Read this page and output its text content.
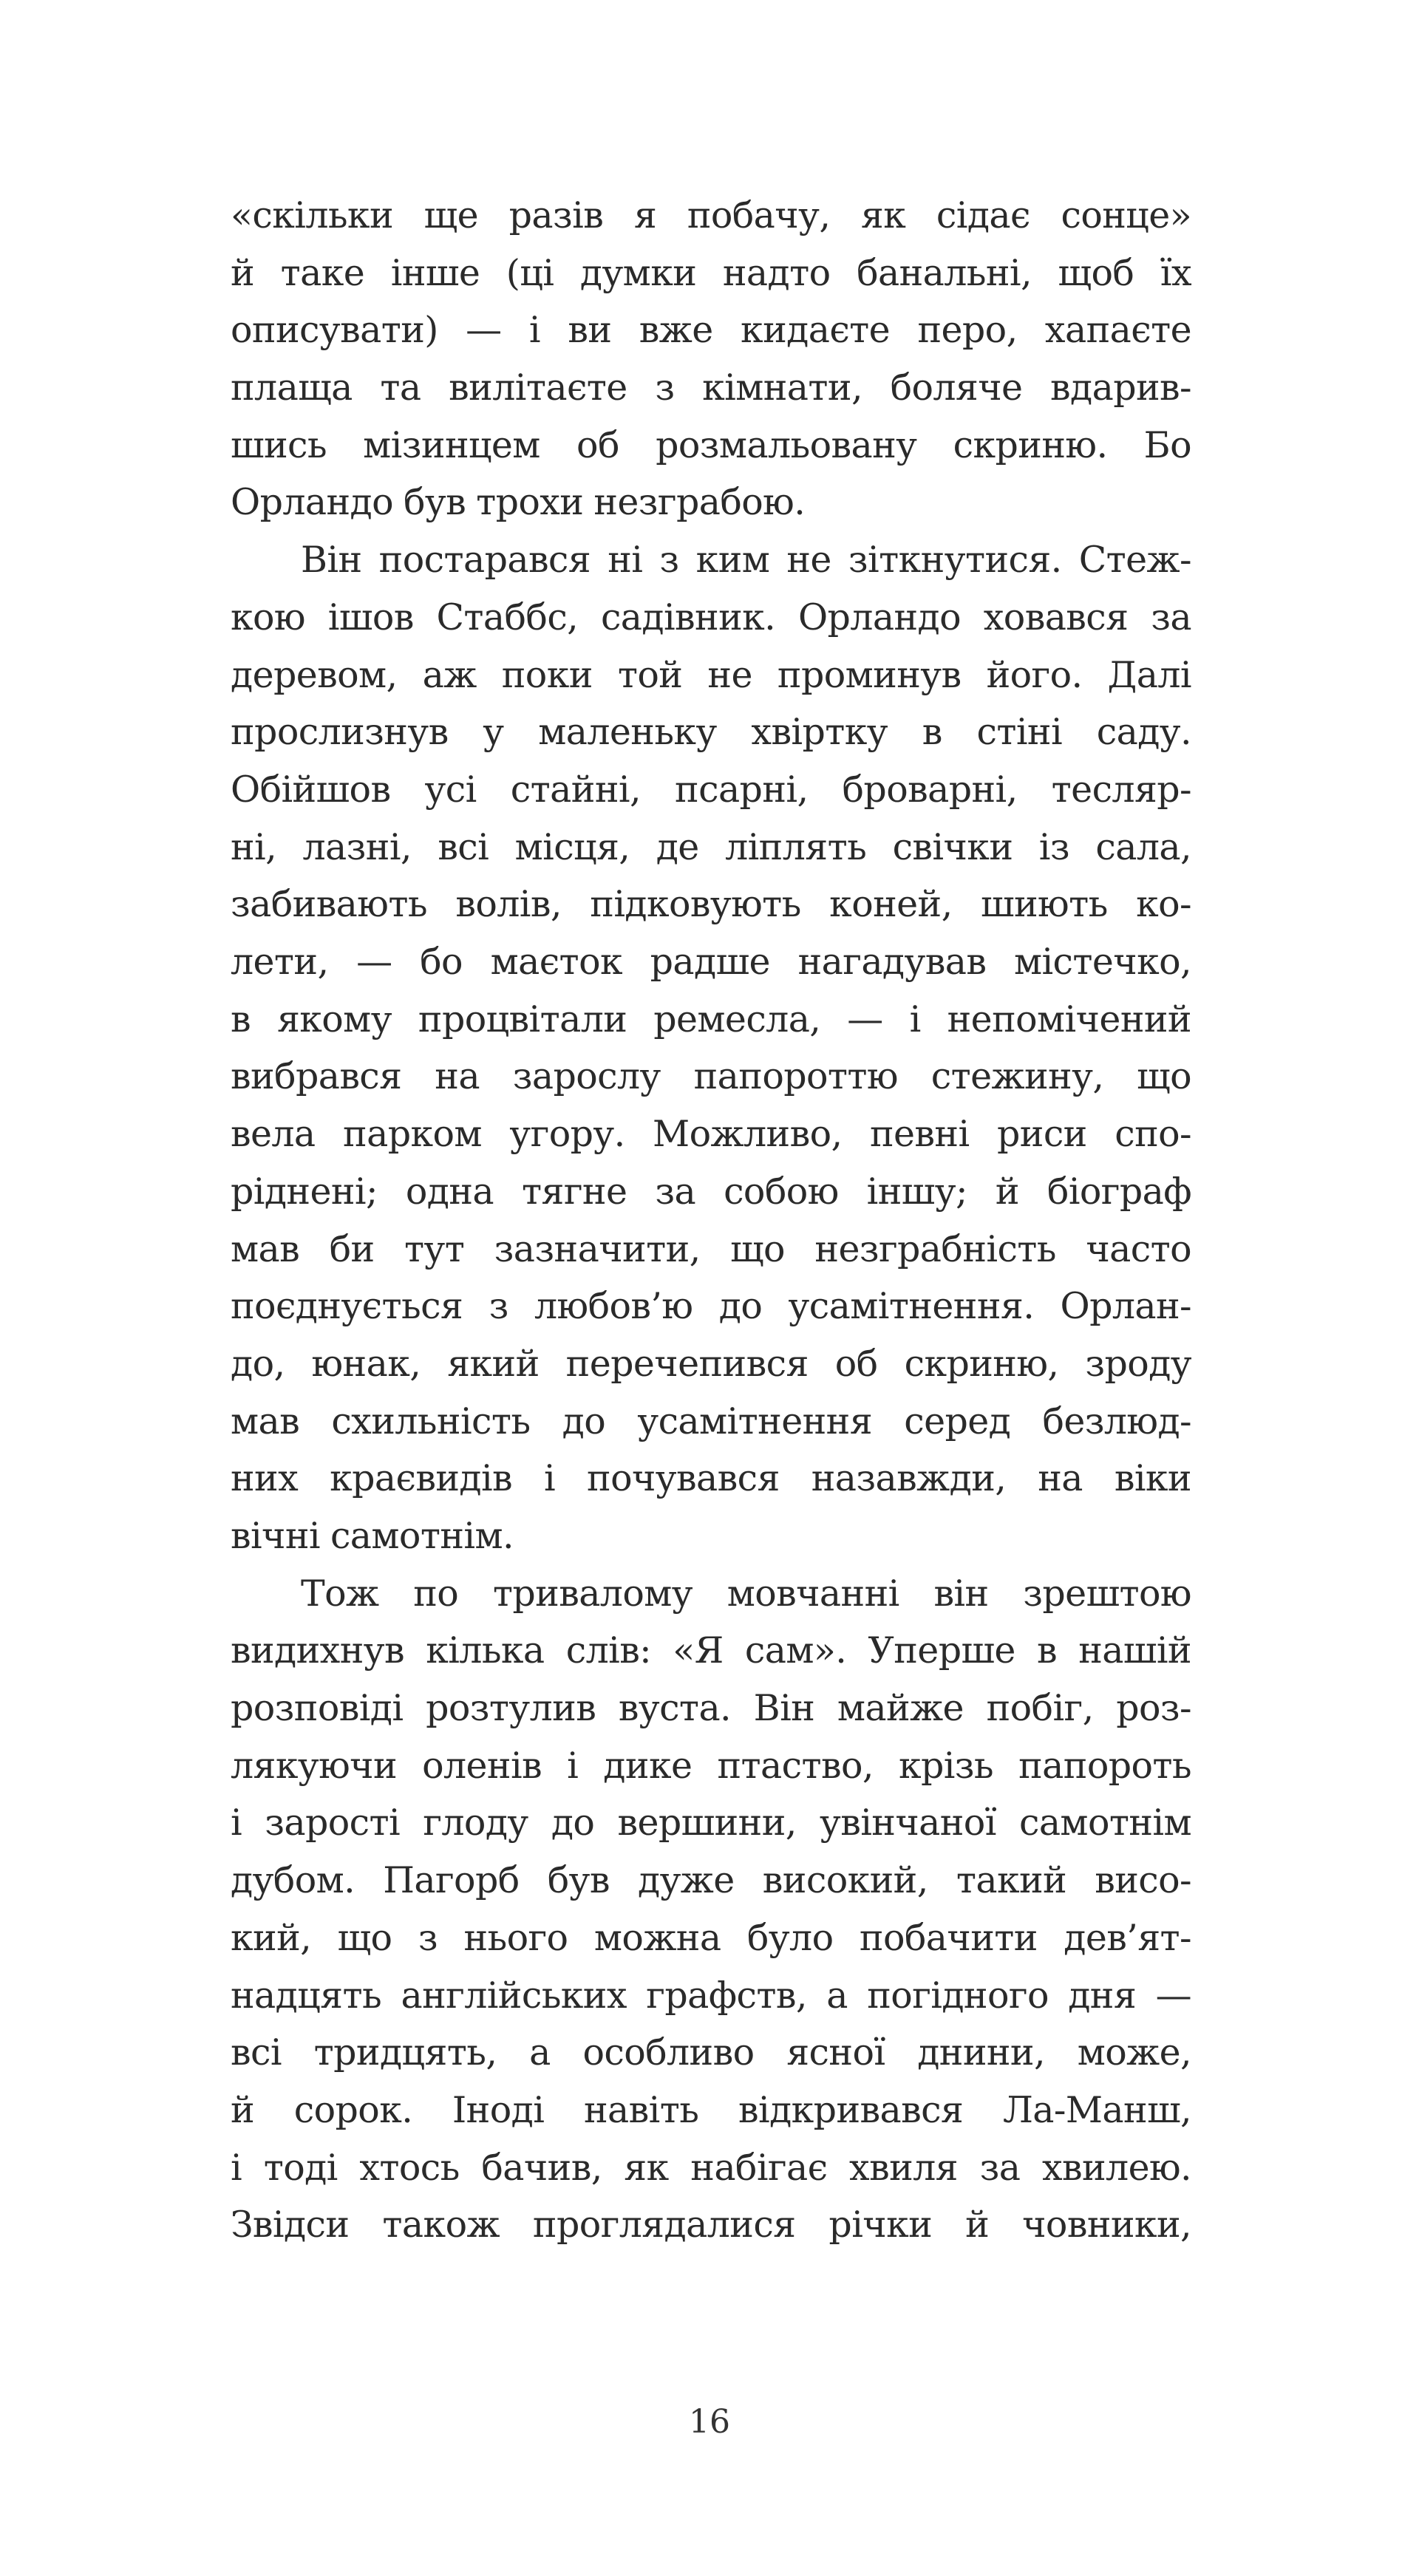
«скільки ще разів я побачу, як сідає сонце»
й таке інше (ці думки надто банальні, щоб їх
описувати) — і ви вже кидаєте перо, хапаєте
плаща та вилітаєте з кімнати, боляче вдарив-
шись мізинцем об розмальовану скриню. Бо
Орландо був трохи незграбою.
Він постарався ні з ким не зіткнутися. Стеж-
кою ішов Стаббс, садівник. Орландо ховався за
деревом, аж поки той не проминув його. Далі
прослизнув у маленьку хвіртку в стіні саду.
Обійшов усі стайні, псарні, броварні, тесляр-
ні, лазні, всі місця, де ліплять свічки із сала,
забивають волів, підковують коней, шиють ко-
лети, — бо маєток радше нагадував містечко,
в якому процвітали ремесла, — і непомічений
вибрався на зарослу папороттю стежину, що
вела парком угору. Можливо, певні риси спо-
ріднені; одна тягне за собою іншу; й біограф
мав би тут зазначити, що незграбність часто
поєднується з любов’ю до усамітнення. Орлан-
до, юнак, який перечепився об скриню, зроду
мав схильність до усамітнення серед безлюд-
них краєвидів і почувався назавжди, на віки
вічні самотнім.
Тож по тривалому мовчанні він зрештою
видихнув кілька слів: «Я сам». Уперше в нашій
розповіді розтулив вуста. Він майже побіг, роз-
лякуючи оленів і дике птаство, крізь папороть
і зарості глоду до вершини, увінчаної самотнім
дубом. Пагорб був дуже високий, такий висо-
кий, що з нього можна було побачити дев’ят-
надцять англійських графств, а погідного дня —
всі тридцять, а особливо ясної днини, може,
й сорок. Іноді навіть відкривався Ла-Манш,
і тоді хтось бачив, як набігає хвиля за хвилею.
Звідси також проглядалися річки й човники,
16
